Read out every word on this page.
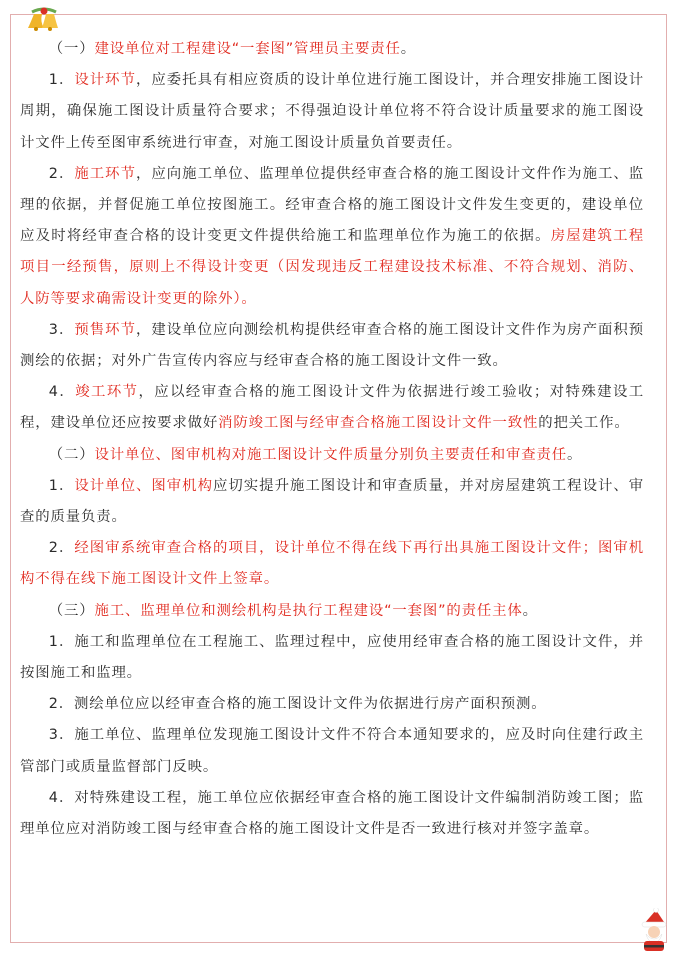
（一）建设单位对工程建设“一套图”管理员主要责任。

1．设计环节，应委托具有相应资质的设计单位进行施工图设计，并合理安排施工图设计周期，确保施工图设计质量符合要求；不得强迫设计单位将不符合设计质量要求的施工图设计文件上传至图审系统进行审查，对施工图设计质量负首要责任。

2．施工环节，应向施工单位、监理单位提供经审查合格的施工图设计文件作为施工、监理的依据，并督促施工单位按图施工。经审查合格的施工图设计文件发生变更的，建设单位应及时将经审查合格的设计变更文件提供给施工和监理单位作为施工的依据。房屋建筑工程项目一经预售，原则上不得设计变更（因发现违反工程建设技术标准、不符合规划、消防、人防等要求确需设计变更的除外）。

3．预售环节，建设单位应向测绘机构提供经审查合格的施工图设计文件作为房产面积预测绘的依据；对外广告宣传内容应与经审查合格的施工图设计文件一致。

4．竣工环节，应以经审查合格的施工图设计文件为依据进行竣工验收；对特殊建设工程，建设单位还应按要求做好消防竣工图与经审查合格施工图设计文件一致性的把关工作。

（二）设计单位、图审机构对施工图设计文件质量分别负主要责任和审查责任。

1．设计单位、图审机构应切实提升施工图设计和审查质量，并对房屋建筑工程设计、审查的质量负责。

2．经图审系统审查合格的项目，设计单位不得在线下再行出具施工图设计文件；图审机构不得在线下施工图设计文件上签章。

（三）施工、监理单位和测绘机构是执行工程建设“一套图”的责任主体。

1．施工和监理单位在工程施工、监理过程中，应使用经审查合格的施工图设计文件，并按图施工和监理。

2．测绘单位应以经审查合格的施工图设计文件为依据进行房产面积预测。

3．施工单位、监理单位发现施工图设计文件不符合本通知要求的，应及时向住建行政主管部门或质量监督部门反映。

4．对特殊建设工程，施工单位应依据经审查合格的施工图设计文件编制消防竣工图；监理单位应对消防竣工图与经审查合格的施工图设计文件是否一致进行核对并签字盖章。
